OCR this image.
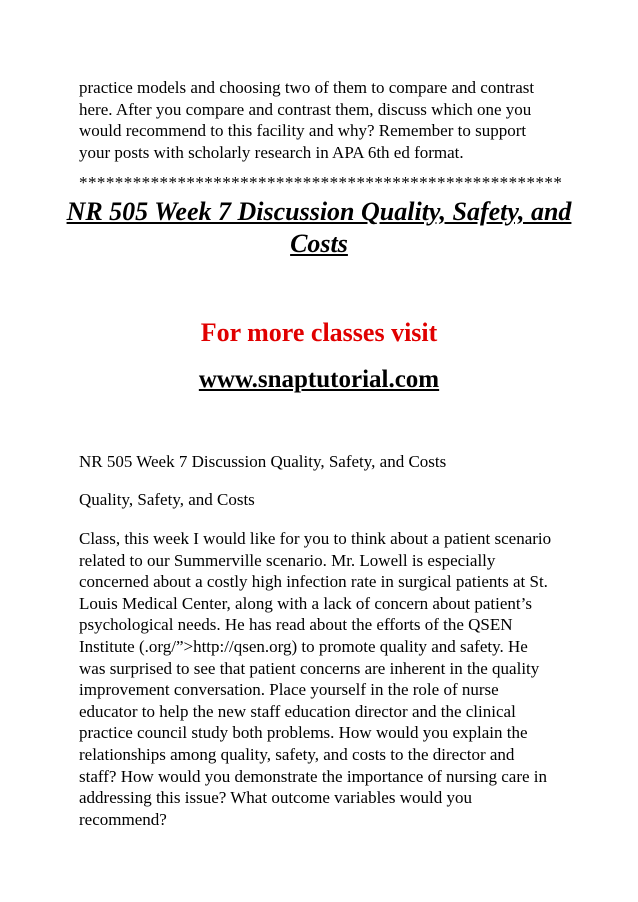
practice models and choosing two of them to compare and contrast
here. After you compare and contrast them, discuss which one you
would recommend to this facility and why? Remember to support
your posts with scholarly research in APA 6th ed format.
******************************************************
NR 505 Week 7 Discussion Quality, Safety, and
Costs
For more classes visit
www.snaptutorial.com
NR 505 Week 7 Discussion Quality, Safety, and Costs
Quality, Safety, and Costs
Class, this week I would like for you to think about a patient scenario
related to our Summerville scenario. Mr. Lowell is especially
concerned about a costly high infection rate in surgical patients at St.
Louis Medical Center, along with a lack of concern about patient’s
psychological needs. He has read about the efforts of the QSEN
Institute (.org/”>http://qsen.org) to promote quality and safety. He
was surprised to see that patient concerns are inherent in the quality
improvement conversation. Place yourself in the role of nurse
educator to help the new staff education director and the clinical
practice council study both problems. How would you explain the
relationships among quality, safety, and costs to the director and
staff? How would you demonstrate the importance of nursing care in
addressing this issue? What outcome variables would you
recommend?
